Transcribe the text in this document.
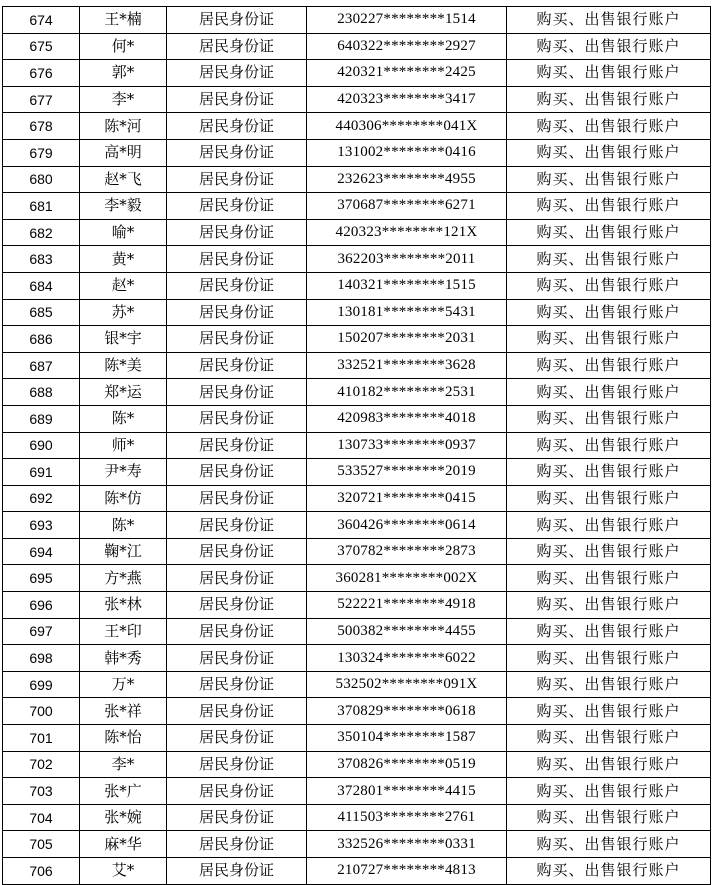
674	王*楠	居民身份证	230227********1514	购买、出售银行账户
675	何*	居民身份证	640322********2927	购买、出售银行账户
676	郭*	居民身份证	420321********2425	购买、出售银行账户
677	李*	居民身份证	420323********3417	购买、出售银行账户
678	陈*河	居民身份证	440306********041X	购买、出售银行账户
679	高*明	居民身份证	131002********0416	购买、出售银行账户
680	赵*飞	居民身份证	232623********4955	购买、出售银行账户
681	李*毅	居民身份证	370687********6271	购买、出售银行账户
682	喻*	居民身份证	420323********121X	购买、出售银行账户
683	黄*	居民身份证	362203********2011	购买、出售银行账户
684	赵*	居民身份证	140321********1515	购买、出售银行账户
685	苏*	居民身份证	130181********5431	购买、出售银行账户
686	银*宇	居民身份证	150207********2031	购买、出售银行账户
687	陈*美	居民身份证	332521********3628	购买、出售银行账户
688	郑*运	居民身份证	410182********2531	购买、出售银行账户
689	陈*	居民身份证	420983********4018	购买、出售银行账户
690	师*	居民身份证	130733********0937	购买、出售银行账户
691	尹*寿	居民身份证	533527********2019	购买、出售银行账户
692	陈*仿	居民身份证	320721********0415	购买、出售银行账户
693	陈*	居民身份证	360426********0614	购买、出售银行账户
694	鞠*江	居民身份证	370782********2873	购买、出售银行账户
695	方*燕	居民身份证	360281********002X	购买、出售银行账户
696	张*林	居民身份证	522221********4918	购买、出售银行账户
697	王*印	居民身份证	500382********4455	购买、出售银行账户
698	韩*秀	居民身份证	130324********6022	购买、出售银行账户
699	万*	居民身份证	532502********091X	购买、出售银行账户
700	张*祥	居民身份证	370829********0618	购买、出售银行账户
701	陈*怡	居民身份证	350104********1587	购买、出售银行账户
702	李*	居民身份证	370826********0519	购买、出售银行账户
703	张*广	居民身份证	372801********4415	购买、出售银行账户
704	张*婉	居民身份证	411503********2761	购买、出售银行账户
705	麻*华	居民身份证	332526********0331	购买、出售银行账户
706	艾*	居民身份证	210727********4813	购买、出售银行账户
